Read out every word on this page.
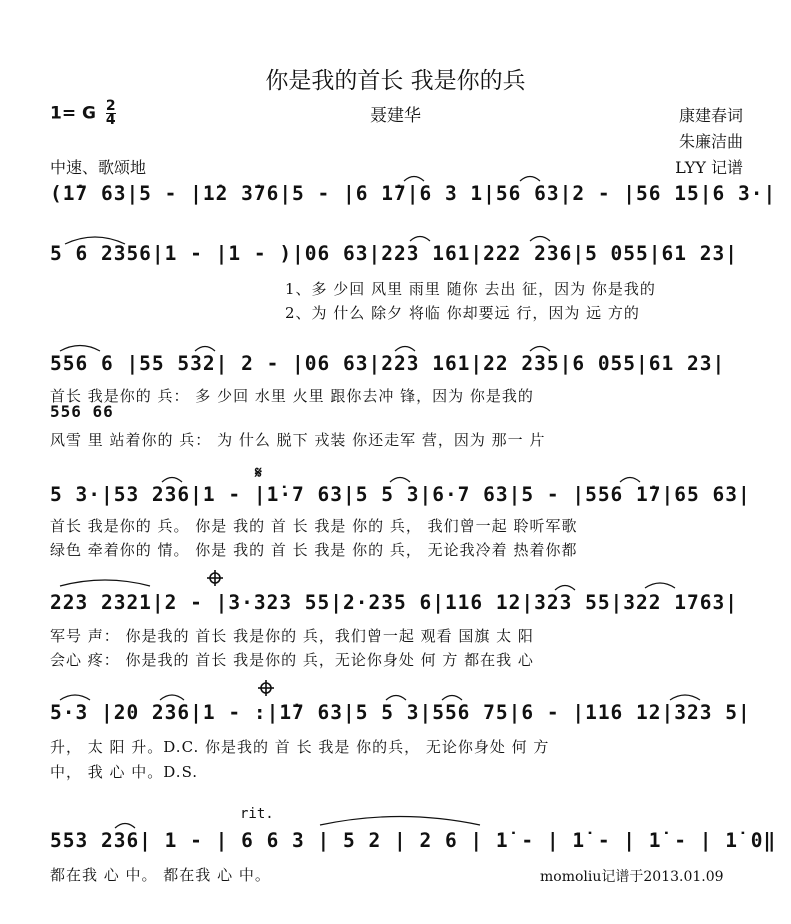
你是我的首长 我是你的兵
聂建华
1= G $\frac{2}{4}$	康建春词
朱廉洁曲
LYY 记谱
中速、歌颂地
(1̇7 63|5 - |1̇2 3̇76|5 - |6 1̇7|6 3 1|56 63|2 - |56 15|6 3·|
5 6 2356|1 - |1 - )|06 63|223 161|222 236|5 055|61 23|
1、多 少回 风里 雨里 随你 去出 征，因为 你是我的
2、为 什么 除夕 将临 你却要远 行，因为 远 方的
556 6 |55 532| 2 - |06 63|223 161|22 235|6 055|61 23|
首长 我是你的 兵： 多 少回 水里 火里 跟你去冲 锋，因为 你是我的
556 66
风雪 里 站着你的 兵： 为 什么 脱下 戎装 你还走军 营，因为 那一 片
5 3·|53 236|1 - |1̇·7 63|5 5 3|6·7 63|5 - |556 1̇7|65 63|
首长 我是你的 兵。 你是 我的 首 长 我是 你的 兵， 我们曾一起 聆听军歌
绿色 牵着你的 情。 你是 我的 首 长 我是 你的 兵， 无论我冷着 热着你都
223 2321|2 - |3·323 55|2·235 6|116 12|323 55|322 1763|
军号 声： 你是我的 首长 我是你的 兵，我们曾一起 观看 国旗 太 阳
会心 疼： 你是我的 首长 我是你的 兵，无论你身处 何 方 都在我 心
5·3 |20 236|1 - :|1̇7 63|5 5 3|556 75|6 - |116 12|323 5|
升， 太 阳 升。D.C. 你是我的 首 长 我是 你的兵， 无论你身处 何 方
中， 我 心 中。D.S.
rit.
553 236| 1 - | 6 6 3 | 5 2 | 2 6 | 1̇ - | 1̇ - | 1̇ - | 1̇ 0‖
都在我 心 中。 都在我 心 中。	momoliu记谱于2013.01.09
𝄋
